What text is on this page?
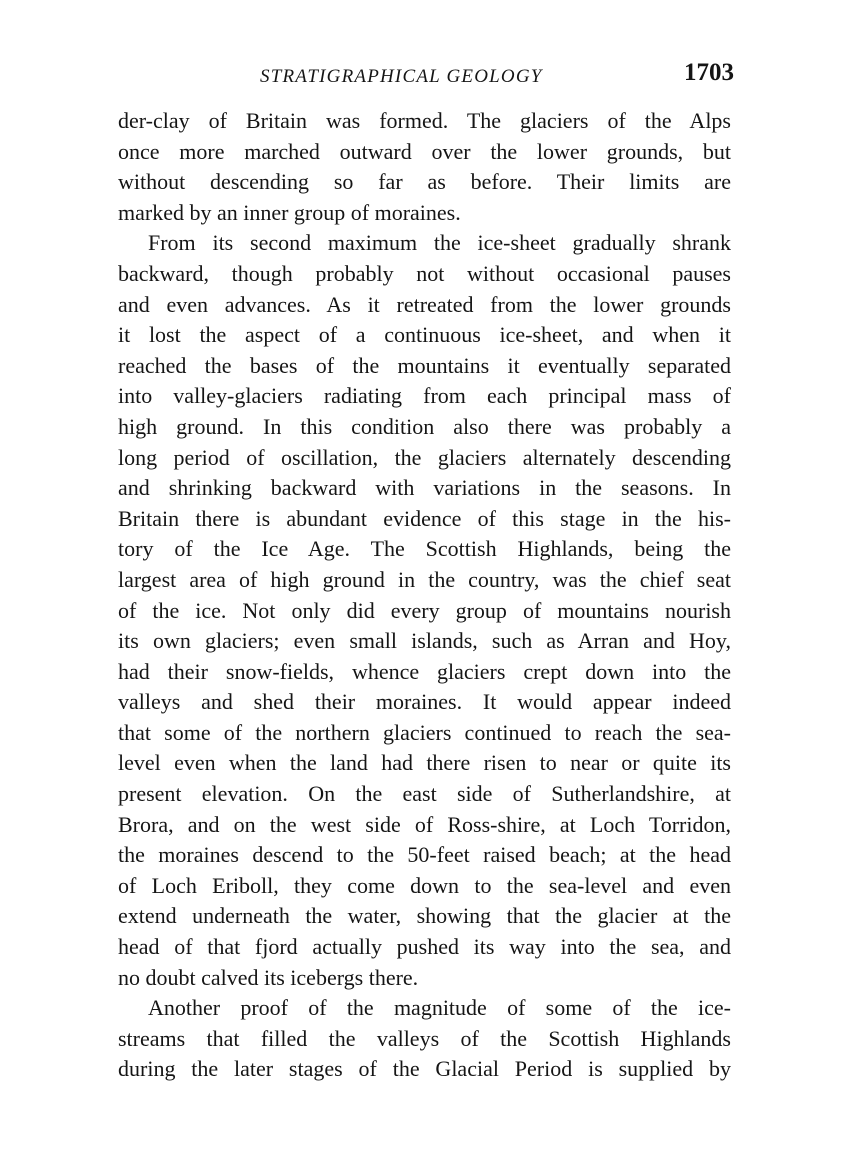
STRATIGRAPHICAL GEOLOGY	1703
der-clay of Britain was formed. The glaciers of the Alps
once more marched outward over the lower grounds, but
without descending so far as before. Their limits are
marked by an inner group of moraines.
From its second maximum the ice-sheet gradually shrank
backward, though probably not without occasional pauses
and even advances. As it retreated from the lower grounds
it lost the aspect of a continuous ice-sheet, and when it
reached the bases of the mountains it eventually separated
into valley-glaciers radiating from each principal mass of
high ground. In this condition also there was probably a
long period of oscillation, the glaciers alternately descending
and shrinking backward with variations in the seasons. In
Britain there is abundant evidence of this stage in the his-
tory of the Ice Age. The Scottish Highlands, being the
largest area of high ground in the country, was the chief seat
of the ice. Not only did every group of mountains nourish
its own glaciers; even small islands, such as Arran and Hoy,
had their snow-fields, whence glaciers crept down into the
valleys and shed their moraines. It would appear indeed
that some of the northern glaciers continued to reach the sea-
level even when the land had there risen to near or quite its
present elevation. On the east side of Sutherlandshire, at
Brora, and on the west side of Ross-shire, at Loch Torridon,
the moraines descend to the 50-feet raised beach; at the head
of Loch Eriboll, they come down to the sea-level and even
extend underneath the water, showing that the glacier at the
head of that fjord actually pushed its way into the sea, and
no doubt calved its icebergs there.
Another proof of the magnitude of some of the ice-
streams that filled the valleys of the Scottish Highlands
during the later stages of the Glacial Period is supplied by
